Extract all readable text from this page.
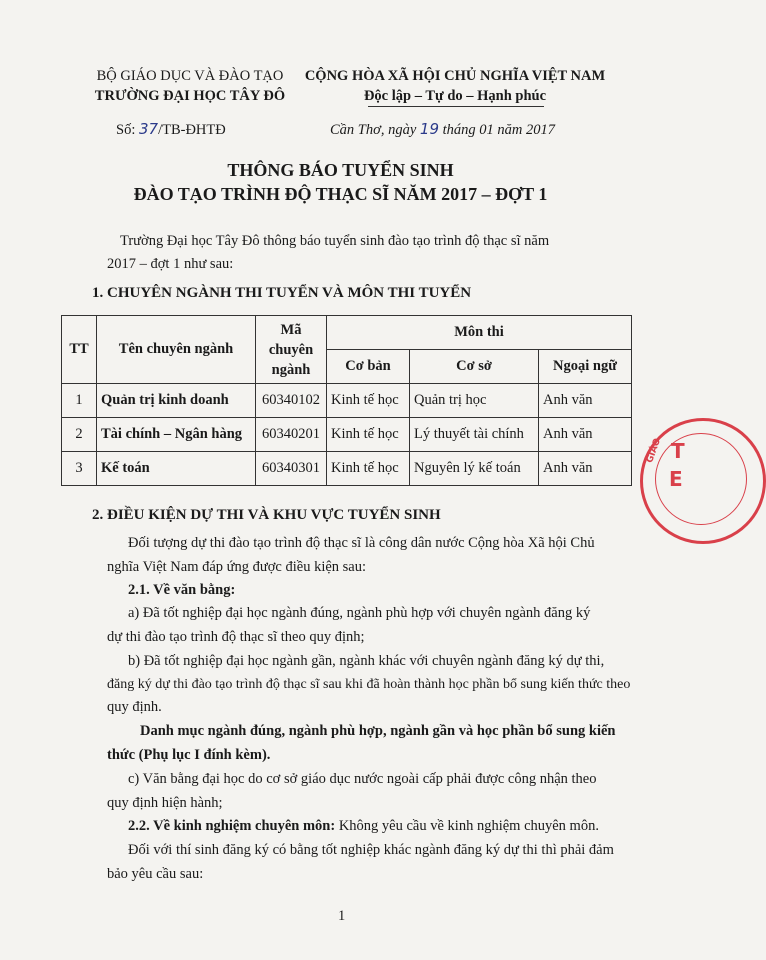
BỘ GIÁO DỤC VÀ ĐÀO TẠO
TRƯỜNG ĐẠI HỌC TÂY ĐÔ
CỘNG HÒA XÃ HỘI CHỦ NGHĨA VIỆT NAM
Độc lập – Tự do – Hạnh phúc
Số: 37/TB-ĐHTĐ	Cần Thơ, ngày 19 tháng 01 năm 2017
THÔNG BÁO TUYỂN SINH
ĐÀO TẠO TRÌNH ĐỘ THẠC SĨ NĂM 2017 – ĐỢT 1
Trường Đại học Tây Đô thông báo tuyển sinh đào tạo trình độ thạc sĩ năm
2017 – đợt 1 như sau:
1. CHUYÊN NGÀNH THI TUYỂN VÀ MÔN THI TUYỂN
TT	Tên chuyên ngành	Mã chuyên ngành	Môn thi		
			Cơ bản	Cơ sở	Ngoại ngữ
1	Quản trị kinh doanh	60340102	Kinh tế học	Quản trị học	Anh văn
2	Tài chính – Ngân hàng	60340201	Kinh tế học	Lý thuyết tài chính	Anh văn
3	Kế toán	60340301	Kinh tế học	Nguyên lý kế toán	Anh văn
2. ĐIỀU KIỆN DỰ THI VÀ KHU VỰC TUYỂN SINH
Đối tượng dự thi đào tạo trình độ thạc sĩ là công dân nước Cộng hòa Xã hội Chủ
nghĩa Việt Nam đáp ứng được điều kiện sau:
2.1. Về văn bằng:
a) Đã tốt nghiệp đại học ngành đúng, ngành phù hợp với chuyên ngành đăng ký
dự thi đào tạo trình độ thạc sĩ theo quy định;
b) Đã tốt nghiệp đại học ngành gần, ngành khác với chuyên ngành đăng ký dự thi,
đăng ký dự thi đào tạo trình độ thạc sĩ sau khi đã hoàn thành học phần bổ sung kiến thức theo
quy định.
Danh mục ngành đúng, ngành phù hợp, ngành gần và học phần bổ sung kiến
thức (Phụ lục I đính kèm).
c) Văn bằng đại học do cơ sở giáo dục nước ngoài cấp phải được công nhận theo
quy định hiện hành;
2.2. Về kinh nghiệm chuyên môn: Không yêu cầu về kinh nghiệm chuyên môn.
Đối với thí sinh đăng ký có bằng tốt nghiệp khác ngành đăng ký dự thi thì phải đảm
bảo yêu cầu sau:
1
GIÁO T
E
